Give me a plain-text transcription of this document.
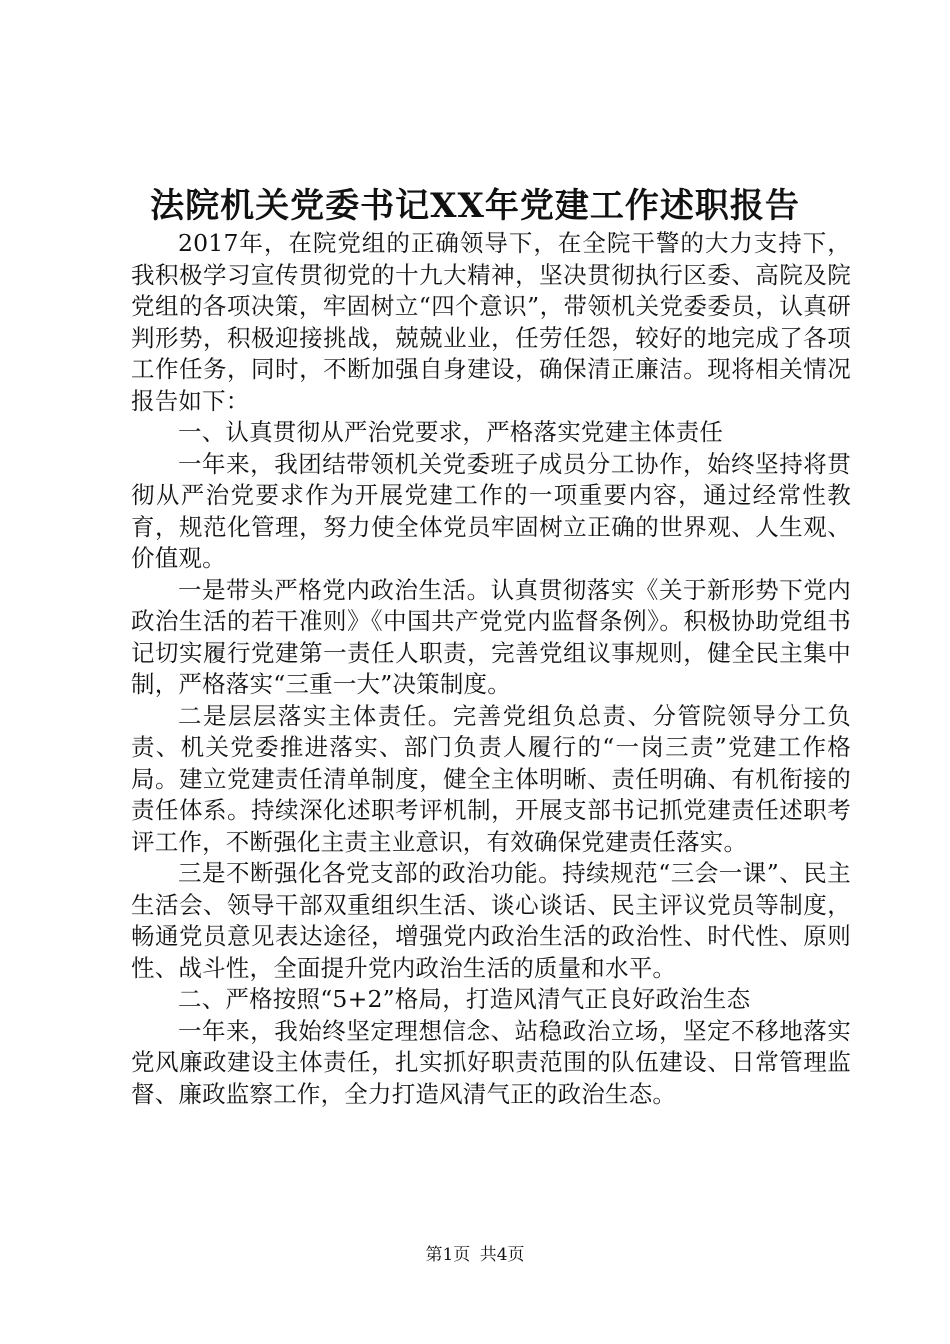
法院机关党委书记XX年党建工作述职报告

2017年，在院党组的正确领导下，在全院干警的大力支持下，我积极学习宣传贯彻党的十九大精神，坚决贯彻执行区委、高院及院党组的各项决策，牢固树立“四个意识”，带领机关党委委员，认真研判形势，积极迎接挑战，兢兢业业，任劳任怨，较好的地完成了各项工作任务，同时，不断加强自身建设，确保清正廉洁。现将相关情况报告如下：

一、认真贯彻从严治党要求，严格落实党建主体责任

一年来，我团结带领机关党委班子成员分工协作，始终坚持将贯彻从严治党要求作为开展党建工作的一项重要内容，通过经常性教育，规范化管理，努力使全体党员牢固树立正确的世界观、人生观、价值观。

一是带头严格党内政治生活。认真贯彻落实《关于新形势下党内政治生活的若干准则》《中国共产党党内监督条例》。积极协助党组书记切实履行党建第一责任人职责，完善党组议事规则，健全民主集中制，严格落实“三重一大”决策制度。

二是层层落实主体责任。完善党组负总责、分管院领导分工负责、机关党委推进落实、部门负责人履行的“一岗三责”党建工作格局。建立党建责任清单制度，健全主体明晰、责任明确、有机衔接的责任体系。持续深化述职考评机制，开展支部书记抓党建责任述职考评工作，不断强化主责主业意识，有效确保党建责任落实。

三是不断强化各党支部的政治功能。持续规范“三会一课”、民主生活会、领导干部双重组织生活、谈心谈话、民主评议党员等制度，畅通党员意见表达途径，增强党内政治生活的政治性、时代性、原则性、战斗性，全面提升党内政治生活的质量和水平。

二、严格按照“5+2”格局，打造风清气正良好政治生态

一年来，我始终坚定理想信念、站稳政治立场，坚定不移地落实党风廉政建设主体责任，扎实抓好职责范围的队伍建设、日常管理监督、廉政监察工作，全力打造风清气正的政治生态。

第1页 共4页
